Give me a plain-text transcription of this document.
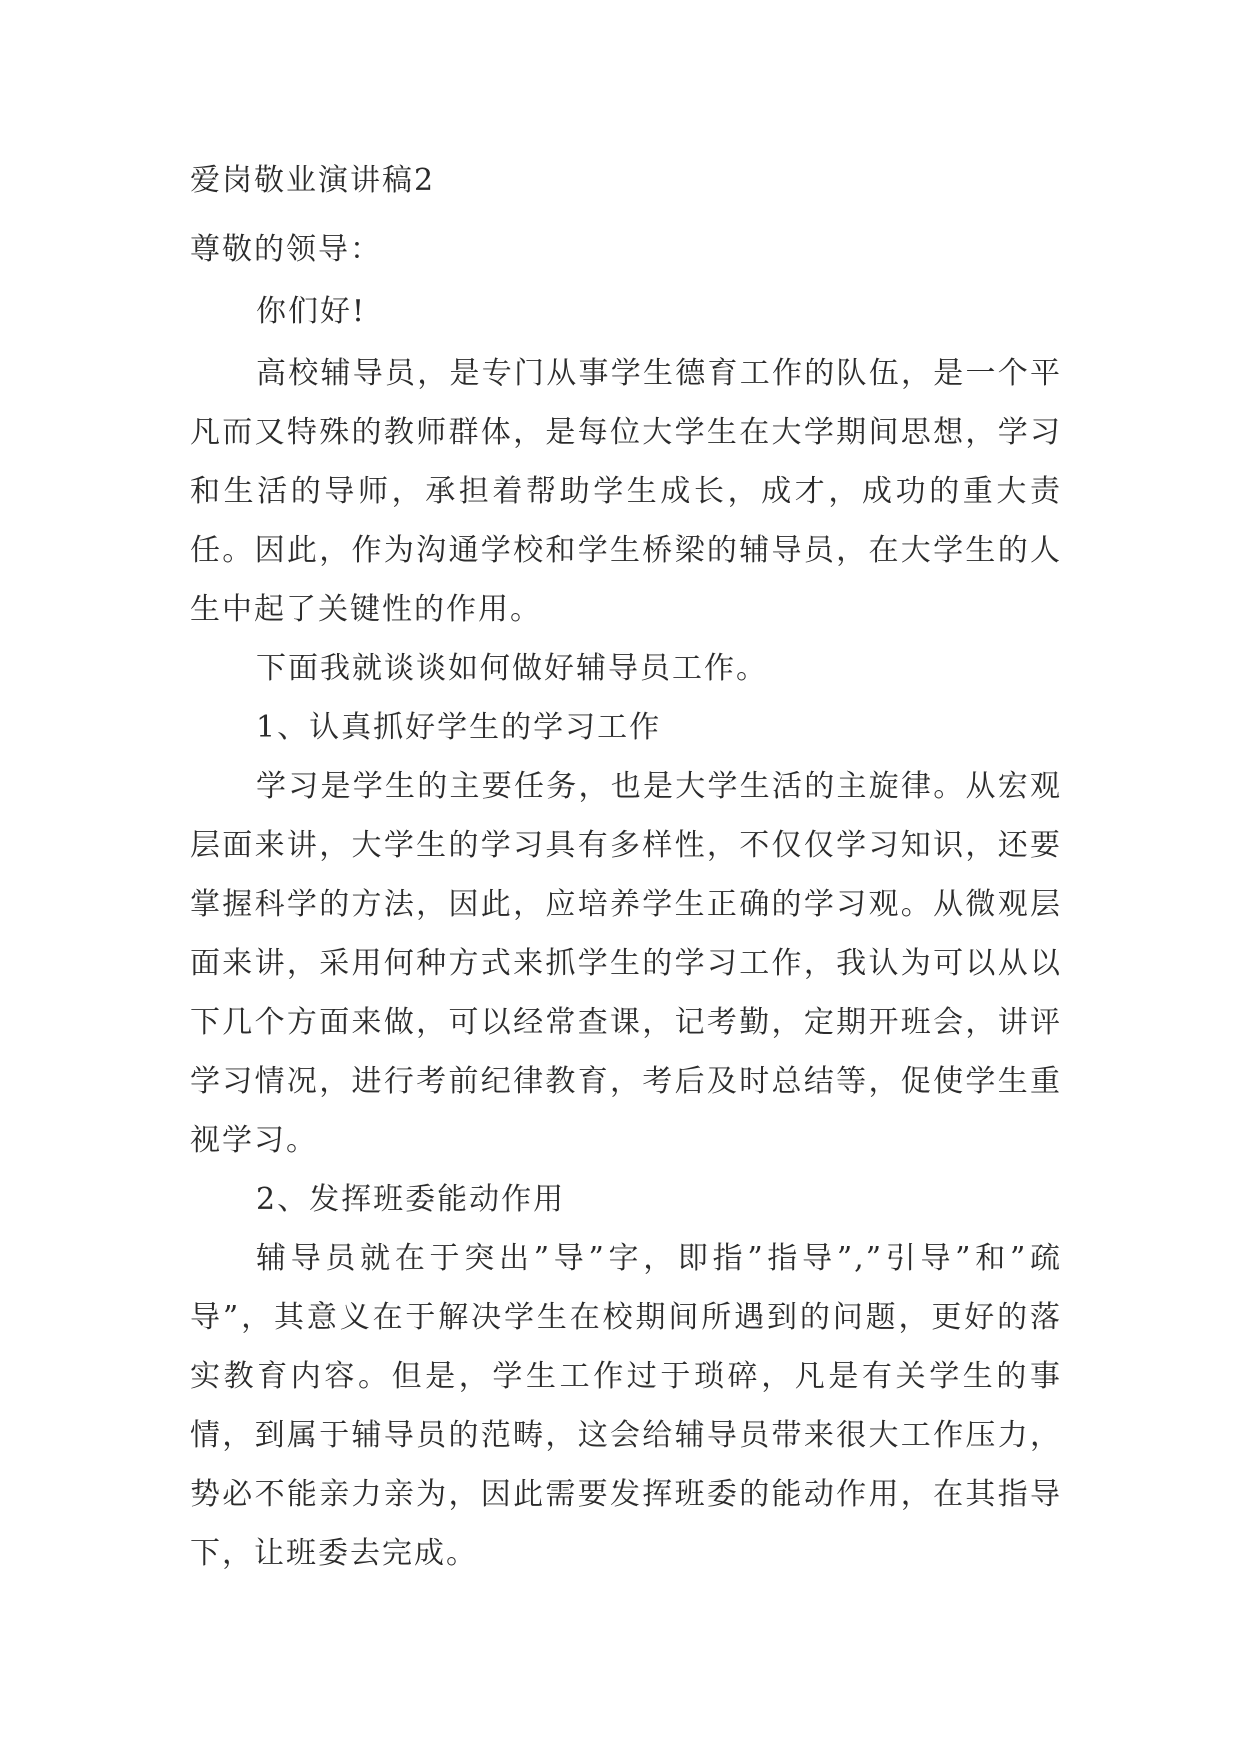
爱岗敬业演讲稿2

尊敬的领导：

你们好!

高校辅导员，是专门从事学生德育工作的队伍，是一个平凡而又特殊的教师群体，是每位大学生在大学期间思想，学习和生活的导师，承担着帮助学生成长，成才，成功的重大责任。因此，作为沟通学校和学生桥梁的辅导员，在大学生的人生中起了关键性的作用。

下面我就谈谈如何做好辅导员工作。

1、认真抓好学生的学习工作

学习是学生的主要任务，也是大学生活的主旋律。从宏观层面来讲，大学生的学习具有多样性，不仅仅学习知识，还要掌握科学的方法，因此，应培养学生正确的学习观。从微观层面来讲，采用何种方式来抓学生的学习工作，我认为可以从以下几个方面来做，可以经常查课，记考勤，定期开班会，讲评学习情况，进行考前纪律教育，考后及时总结等，促使学生重视学习。

2、发挥班委能动作用

辅导员就在于突出”导”字，即指”指导”,”引导”和”疏导”，其意义在于解决学生在校期间所遇到的问题，更好的落实教育内容。但是，学生工作过于琐碎，凡是有关学生的事情，到属于辅导员的范畴，这会给辅导员带来很大工作压力，势必不能亲力亲为，因此需要发挥班委的能动作用，在其指导下，让班委去完成。
